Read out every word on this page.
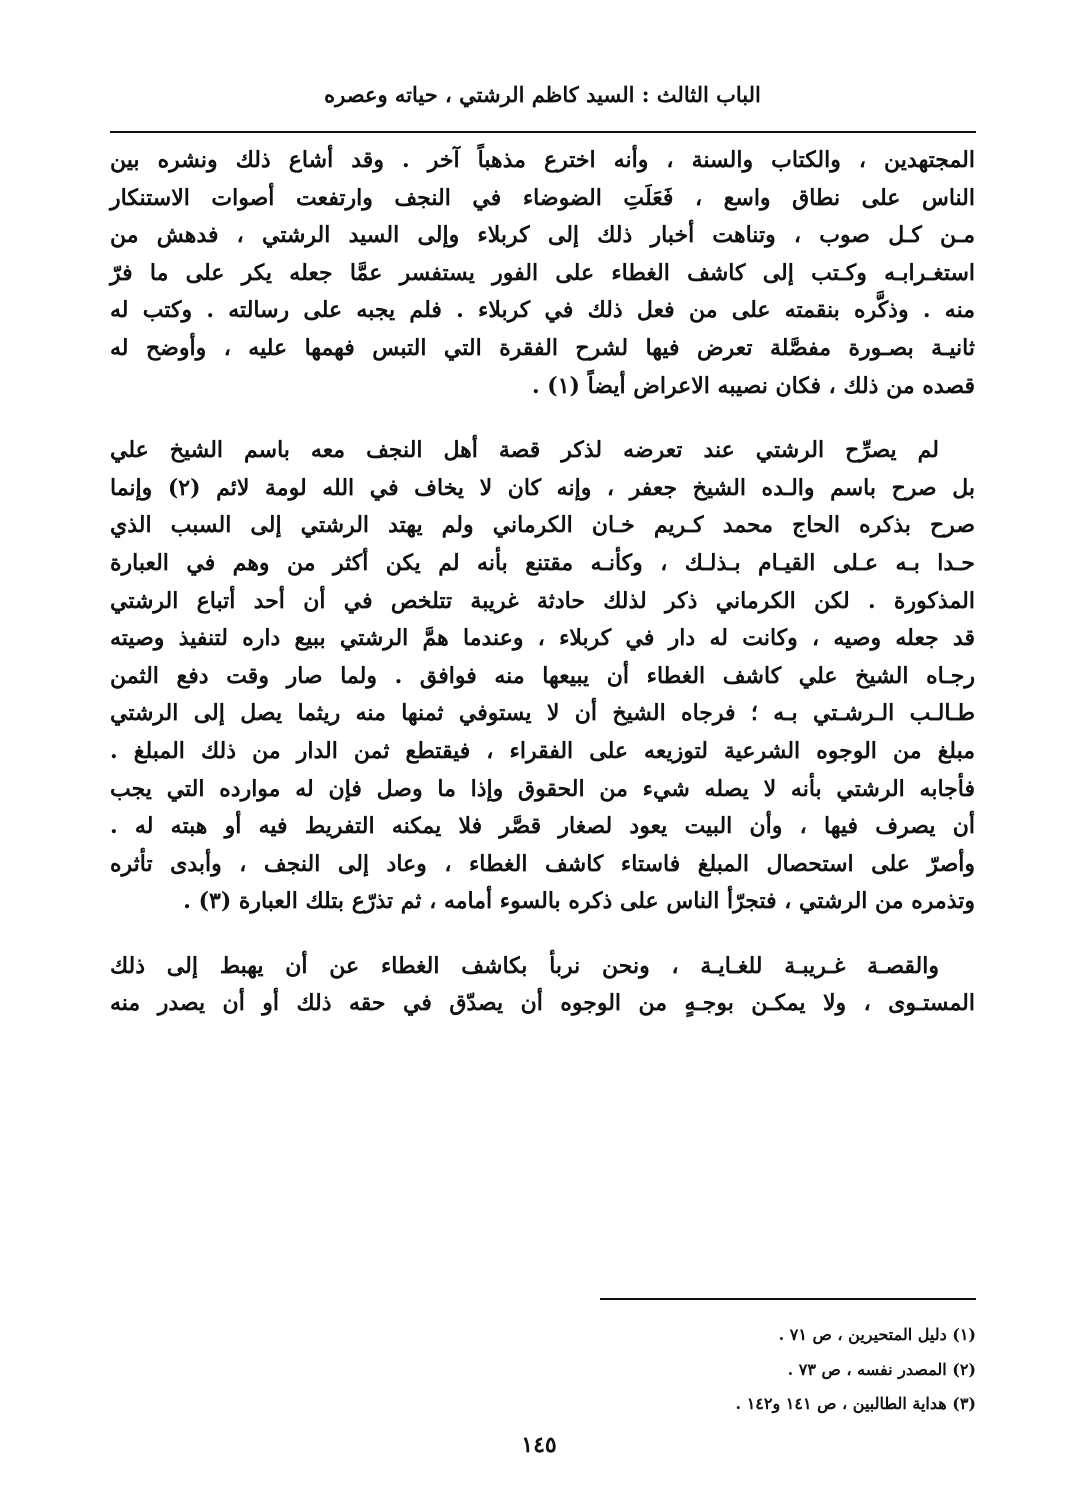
الباب الثالث : السيد كاظم الرشتي ، حياته وعصره
المجتهدين ، والكتاب والسنة ، وأنه اخترع مذهباً آخر . وقد أشاع ذلك ونشره بين
الناس على نطاق واسع ، فَعَلَتِ الضوضاء في النجف وارتفعت أصوات الاستنكار
مـن كـل صوب ، وتناهت أخبار ذلك إلى كربلاء وإلى السيد الرشتي ، فدهش من
استغـرابـه وكـتب إلى كاشف الغطاء على الفور يستفسر عمَّا جعله يكر على ما فرّ
منه . وذكَّره بنقمته على من فعل ذلك في كربلاء . فلم يجبه على رسالته . وكتب له
ثانيـة بصـورة مفصَّلة تعرض فيها لشرح الفقرة التي التبس فهمها عليه ، وأوضح له
قصده من ذلك ، فكان نصيبه الاعراض أيضاً (١) .
لم يصرِّح الرشتي عند تعرضه لذكر قصة أهل النجف معه باسم الشيخ علي
بل صرح باسم والـده الشيخ جعفر ، وإنه كان لا يخاف في الله لومة لائم (٢) وإنما
صرح بذكره الحاج محمد كـريم خـان الكرماني ولم يهتد الرشتي إلى السبب الذي
حـدا بـه عـلى القيـام بـذلـك ، وكأنـه مقتنع بأنه لم يكن أكثر من وهم في العبارة
المذكورة . لكن الكرماني ذكر لذلك حادثة غريبة تتلخص في أن أحد أتباع الرشتي
قد جعله وصيه ، وكانت له دار في كربلاء ، وعندما همَّ الرشتي ببيع داره لتنفيذ وصيته
رجـاه الشيخ علي كاشف الغطاء أن يبيعها منه فوافق . ولما صار وقت دفع الثمن
طـالـب الـرشـتي بـه ؛ فرجاه الشيخ أن لا يستوفي ثمنها منه ريثما يصل إلى الرشتي
مبلغ من الوجوه الشرعية لتوزيعه على الفقراء ، فيقتطع ثمن الدار من ذلك المبلغ .
فأجابه الرشتي بأنه لا يصله شيء من الحقوق وإذا ما وصل فإن له موارده التي يجب
أن يصرف فيها ، وأن البيت يعود لصغار قصَّر فلا يمكنه التفريط فيه أو هبته له .
وأصرّ على استحصال المبلغ فاستاء كاشف الغطاء ، وعاد إلى النجف ، وأبدى تأثره
وتذمره من الرشتي ، فتجرّأ الناس على ذكره بالسوء أمامه ، ثم تذرّع بتلك العبارة (٣) .
والقصـة غـريبـة للغـايـة ، ونحن نربأ بكاشف الغطاء عن أن يهبط إلى ذلك
المستـوى ، ولا يمكـن بوجـهٍ من الوجوه أن يصدّق في حقه ذلك أو أن يصدر منه
(١) دليل المتحيرين ، ص ٧١ .
(٢) المصدر نفسه ، ص ٧٣ .
(٣) هداية الطالبين ، ص ١٤١ و١٤٢ .
١٤٥
